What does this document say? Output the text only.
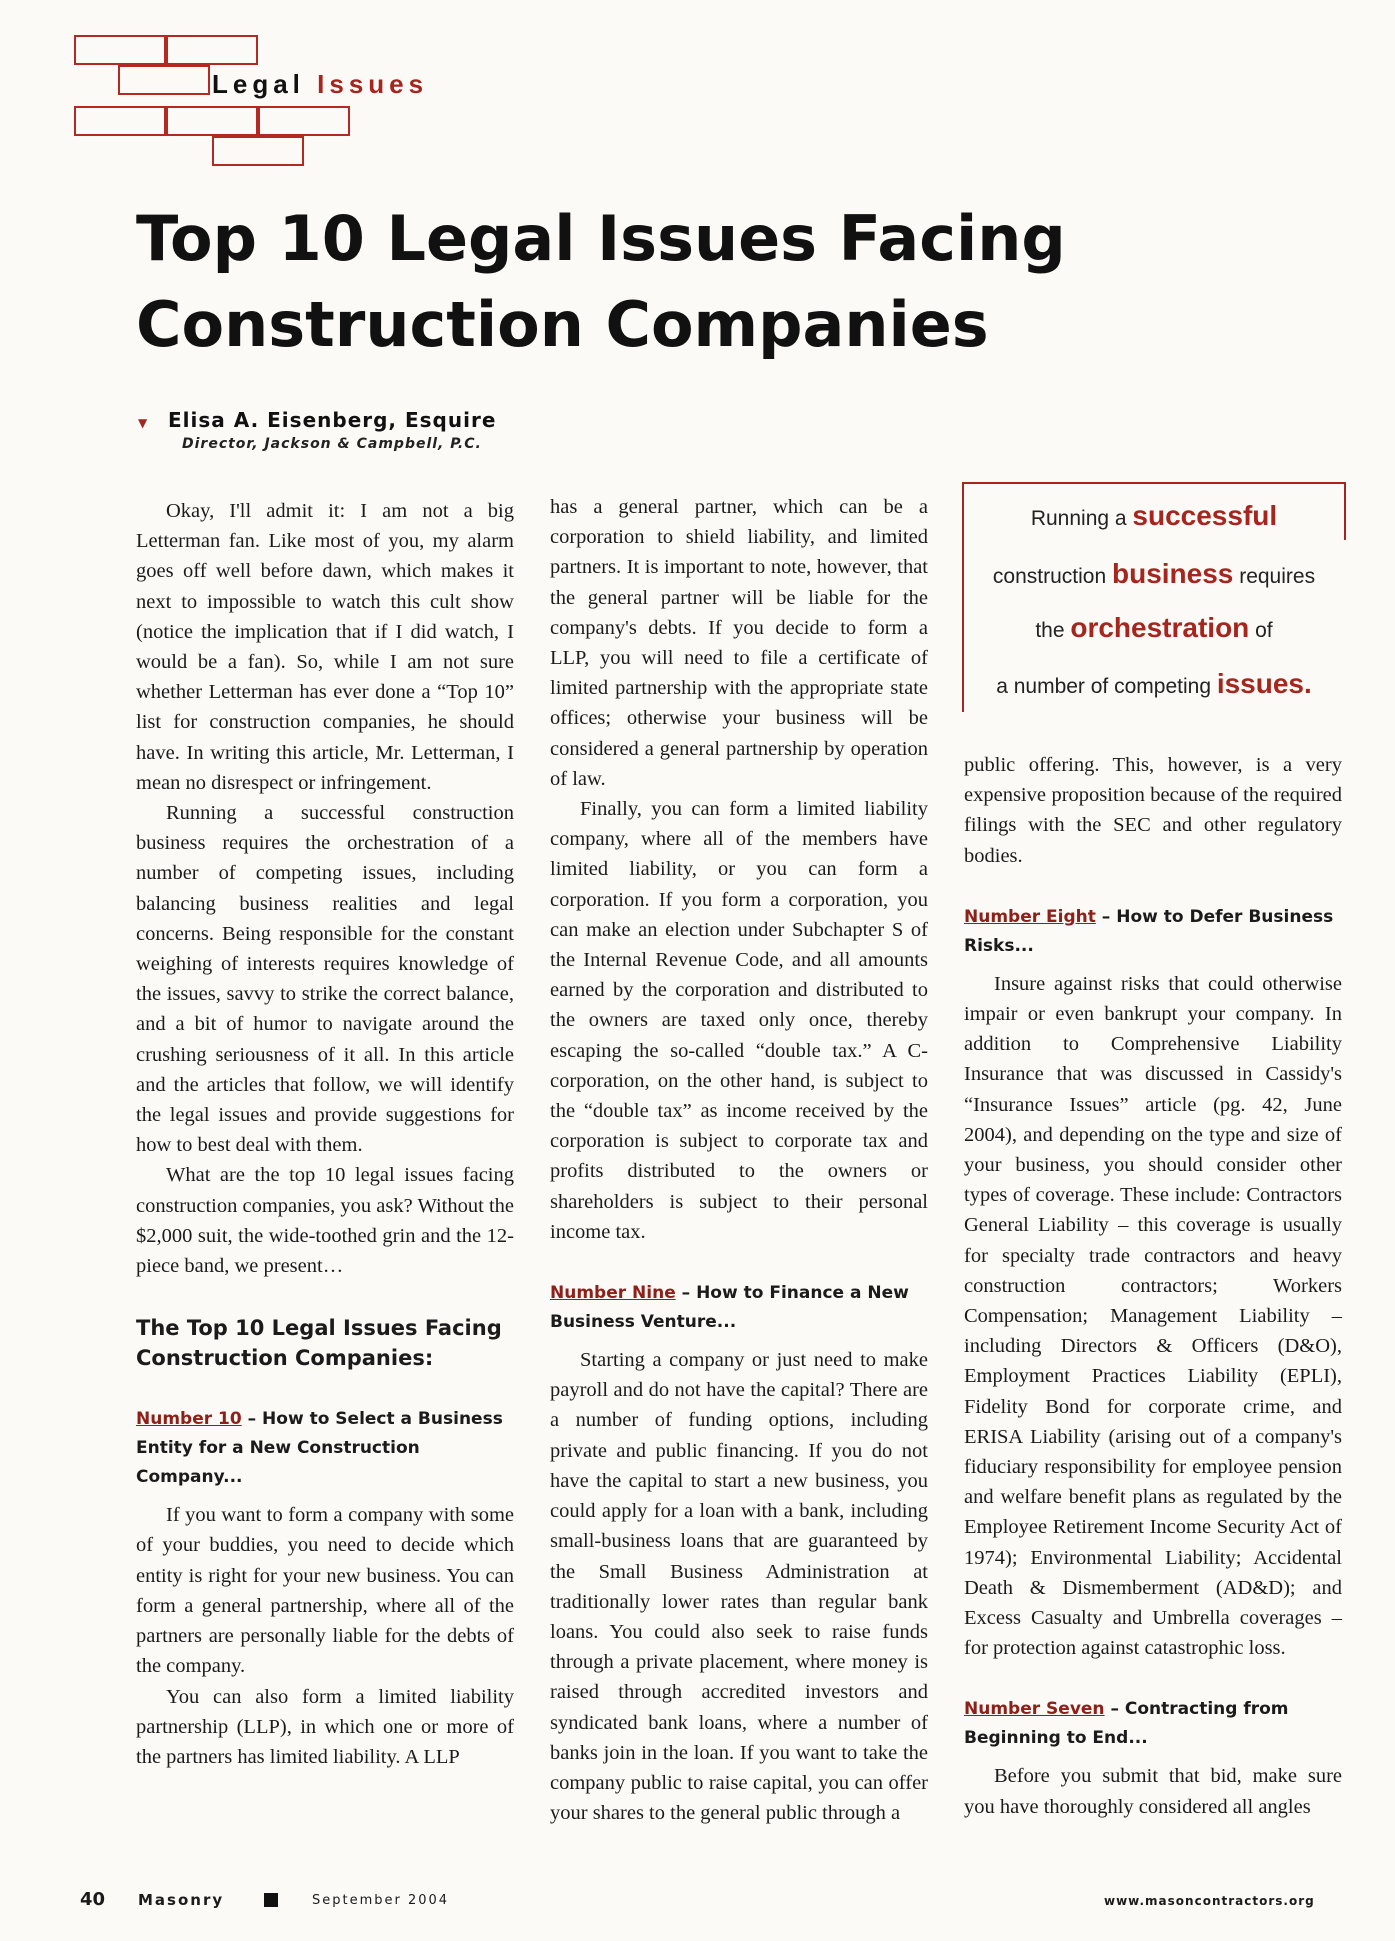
Legal Issues
Top 10 Legal Issues Facing
Construction Companies
▼	Elisa A. Eisenberg, Esquire
Director, Jackson & Campbell, P.C.

Okay, I'll admit it: I am not a big Letterman fan. Like most of you, my alarm goes off well before dawn, which makes it next to impossible to watch this cult show (notice the implication that if I did watch, I would be a fan). So, while I am not sure whether Letterman has ever done a “Top 10” list for construction companies, he should have. In writing this article, Mr. Letterman, I mean no disrespect or infringement.

Running a successful construction business requires the orchestration of a number of competing issues, including balancing business realities and legal concerns. Being responsible for the constant weighing of interests requires knowledge of the issues, savvy to strike the correct balance, and a bit of humor to navigate around the crushing seriousness of it all. In this article and the articles that follow, we will identify the legal issues and provide suggestions for how to best deal with them.

What are the top 10 legal issues facing construction companies, you ask? Without the $2,000 suit, the wide-toothed grin and the 12-piece band, we present…

The Top 10 Legal Issues Facing Construction Companies:
Number 10 – How to Select a Business Entity for a New Construction Company...

If you want to form a company with some of your buddies, you need to decide which entity is right for your new business. You can form a general partnership, where all of the partners are personally liable for the debts of the company.

You can also form a limited liability partnership (LLP), in which one or more of the partners has limited liability. A LLP

has a general partner, which can be a corporation to shield liability, and limited partners. It is important to note, however, that the general partner will be liable for the company's debts. If you decide to form a LLP, you will need to file a certificate of limited partnership with the appropriate state offices; otherwise your business will be considered a general partnership by operation of law.

Finally, you can form a limited liability company, where all of the members have limited liability, or you can form a corporation. If you form a corporation, you can make an election under Subchapter S of the Internal Revenue Code, and all amounts earned by the corporation and distributed to the owners are taxed only once, thereby escaping the so-called “double tax.” A C-corporation, on the other hand, is subject to the “double tax” as income received by the corporation is subject to corporate tax and profits distributed to the owners or shareholders is subject to their personal income tax.

Number Nine – How to Finance a New Business Venture...

Starting a company or just need to make payroll and do not have the capital? There are a number of funding options, including private and public financing. If you do not have the capital to start a new business, you could apply for a loan with a bank, including small-business loans that are guaranteed by the Small Business Administration at traditionally lower rates than regular bank loans. You could also seek to raise funds through a private placement, where money is raised through accredited investors and syndicated bank loans, where a number of banks join in the loan. If you want to take the company public to raise capital, you can offer your shares to the general public through a

Running a successful
construction business requires
the orchestration of
a number of competing issues.

public offering. This, however, is a very expensive proposition because of the required filings with the SEC and other regulatory bodies.

Number Eight – How to Defer Business Risks...

Insure against risks that could otherwise impair or even bankrupt your company. In addition to Comprehensive Liability Insurance that was discussed in Cassidy's “Insurance Issues” article (pg. 42, June 2004), and depending on the type and size of your business, you should consider other types of coverage. These include: Contractors General Liability – this coverage is usually for specialty trade contractors and heavy construction contractors; Workers Compensation; Management Liability – including Directors & Officers (D&O), Employment Practices Liability (EPLI), Fidelity Bond for corporate crime, and ERISA Liability (arising out of a company's fiduciary responsibility for employee pension and welfare benefit plans as regulated by the Employee Retirement Income Security Act of 1974); Environmental Liability; Accidental Death & Dismemberment (AD&D); and Excess Casualty and Umbrella coverages – for protection against catastrophic loss.

Number Seven – Contracting from Beginning to End...

Before you submit that bid, make sure you have thoroughly considered all angles

40 Masonry	September 2004	www.masoncontractors.org
